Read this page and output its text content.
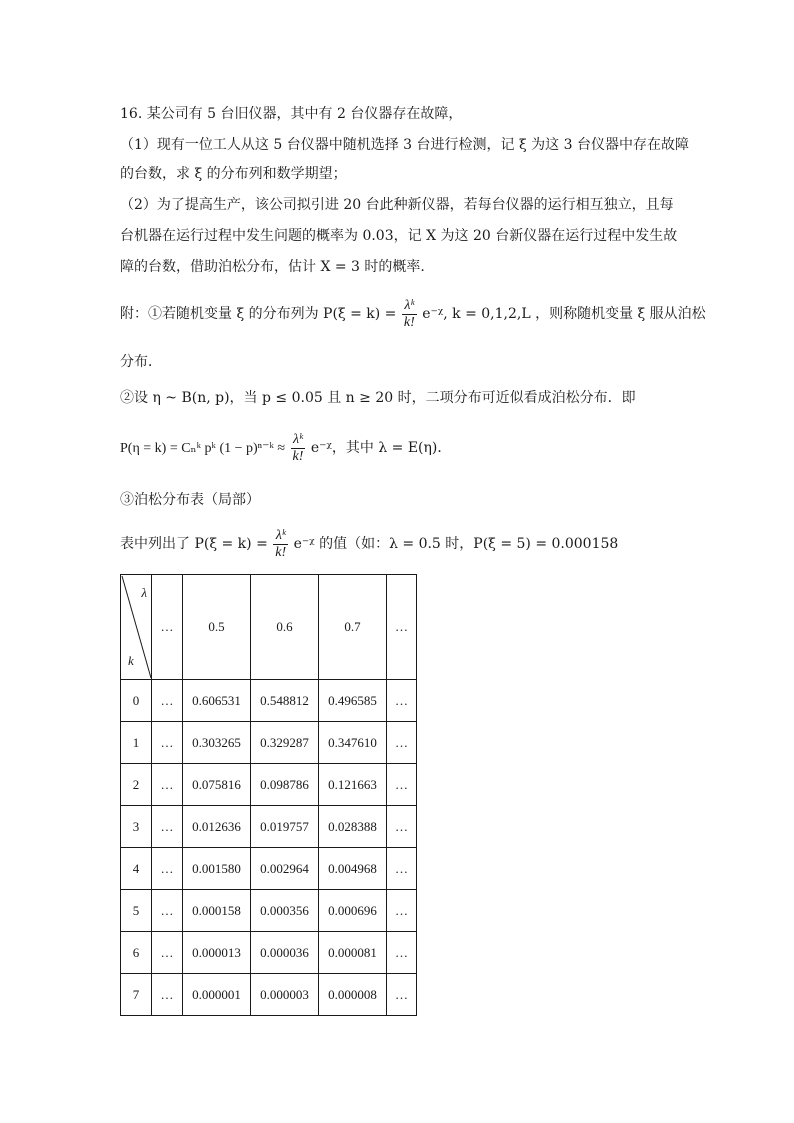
16. 某公司有 5 台旧仪器，其中有 2 台仪器存在故障，
（1）现有一位工人从这 5 台仪器中随机选择 3 台进行检测，记 ξ 为这 3 台仪器中存在故障
的台数，求 ξ 的分布列和数学期望；
（2）为了提高生产，该公司拟引进 20 台此种新仪器，若每台仪器的运行相互独立，且每
台机器在运行过程中发生问题的概率为 0.03，记 X 为这 20 台新仪器在运行过程中发生故
障的台数，借助泊松分布，估计 X = 3 时的概率.
附：①若随机变量 ξ 的分布列为 $P(\xi = k) = \frac{\text{λᵏ}}{k!}$ e⁻ᵡ, k = 0,1,2,L ，则称随机变量 ξ 服从泊松
分布．
②设 η ~ B(n, p)，当 p ≤ 0.05 且 n ≥ 20 时，二项分布可近似看成泊松分布．即
P(η = k) = Cₙᵏ pᵏ (1 − p)ⁿ⁻ᵏ ≈ $\frac{\text{λᵏ}}{k!}$ e⁻ᵡ，其中 λ = E(η)．
③泊松分布表（局部）
表中列出了 $P(\xi = k) = \frac{\text{λᵏ}}{k!}$ e⁻ᵡ 的值（如：λ = 0.5 时，P(ξ = 5) = 0.000158
λ
k	…	0.5	0.6	0.7	…
0	…	0.606531	0.548812	0.496585	…
1	…	0.303265	0.329287	0.347610	…
2	…	0.075816	0.098786	0.121663	…
3	…	0.012636	0.019757	0.028388	…
4	…	0.001580	0.002964	0.004968	…
5	…	0.000158	0.000356	0.000696	…
6	…	0.000013	0.000036	0.000081	…
7	…	0.000001	0.000003	0.000008	…
